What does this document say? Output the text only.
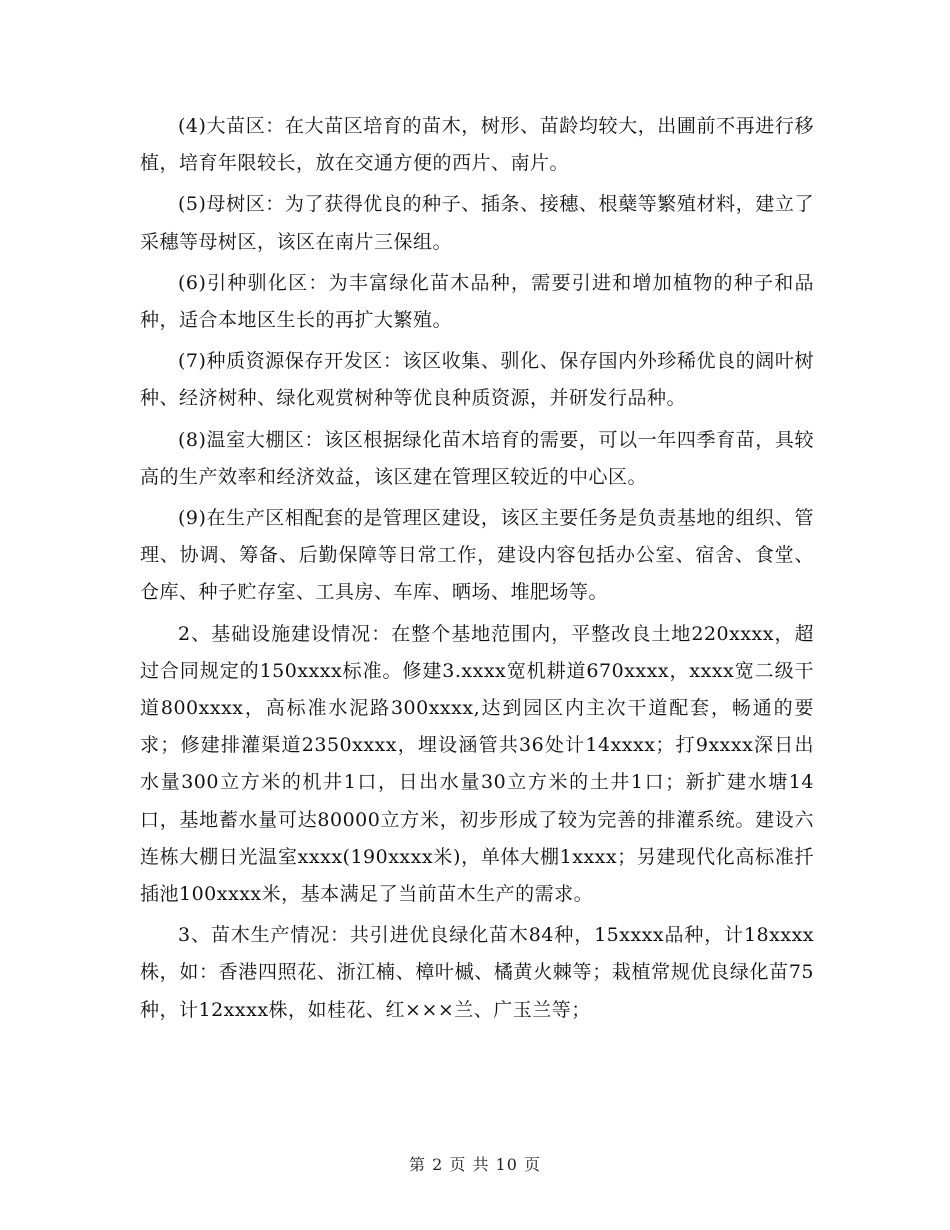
(4)大苗区：在大苗区培育的苗木，树形、苗龄均较大，出圃前不再进行移植，培育年限较长，放在交通方便的西片、南片。

(5)母树区：为了获得优良的种子、插条、接穗、根蘖等繁殖材料，建立了采穗等母树区，该区在南片三保组。

(6)引种驯化区：为丰富绿化苗木品种，需要引进和增加植物的种子和品种，适合本地区生长的再扩大繁殖。

(7)种质资源保存开发区：该区收集、驯化、保存国内外珍稀优良的阔叶树种、经济树种、绿化观赏树种等优良种质资源，并研发行品种。

(8)温室大棚区：该区根据绿化苗木培育的需要，可以一年四季育苗，具较高的生产效率和经济效益，该区建在管理区较近的中心区。

(9)在生产区相配套的是管理区建设，该区主要任务是负责基地的组织、管理、协调、筹备、后勤保障等日常工作，建设内容包括办公室、宿舍、食堂、仓库、种子贮存室、工具房、车库、晒场、堆肥场等。

2、基础设施建设情况：在整个基地范围内，平整改良土地220xxxx，超过合同规定的150xxxx标准。修建3.xxxx宽机耕道670xxxx，xxxx宽二级干道800xxxx，高标准水泥路300xxxx,达到园区内主次干道配套，畅通的要求；修建排灌渠道2350xxxx，埋设涵管共36处计14xxxx；打9xxxx深日出水量300立方米的机井1口，日出水量30立方米的土井1口；新扩建水塘14口，基地蓄水量可达80000立方米，初步形成了较为完善的排灌系统。建设六连栋大棚日光温室xxxx(190xxxx米)，单体大棚1xxxx；另建现代化高标准扦插池100xxxx米，基本满足了当前苗木生产的需求。

3、苗木生产情况：共引进优良绿化苗木84种，15xxxx品种，计18xxxx株，如：香港四照花、浙江楠、樟叶槭、橘黄火棘等；栽植常规优良绿化苗75种，计12xxxx株，如桂花、红×××兰、广玉兰等；

第 2 页 共 10 页
